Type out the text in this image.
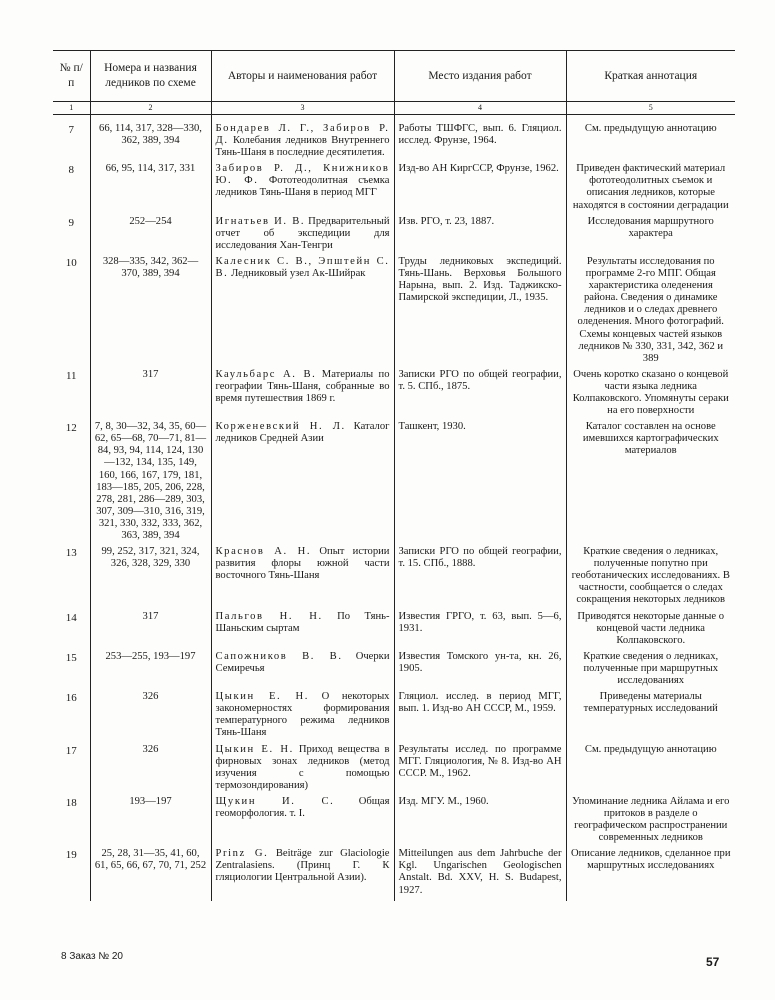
№ п/п	Номера и названия ледников по схеме	Авторы и наименования работ	Место издания работ	Краткая аннотация
1	2	3	4	5

7	66, 114, 317, 328—330, 362, 389, 394	Бондарев Л. Г., Забиров Р. Д. Колебания ледников Внутреннего Тянь-Шаня в последние десятилетия.	Работы ТШФГС, вып. 6. Гляциол. исслед. Фрунзе, 1964.	См. предыдущую аннотацию
8	66, 95, 114, 317, 331	Забиров Р. Д., Книжников Ю. Ф. Фототеодолитная съемка ледников Тянь-Шаня в период МГГ	Изд-во АН КиргССР, Фрунзе, 1962.	Приведен фактический материал фототеодолитных съемок и описания ледников, которые находятся в состоянии деградации
9	252—254	Игнатьев И. В. Предварительный отчет об экспедиции для исследования Хан-Тенгри	Изв. РГО, т. 23, 1887.	Исследования маршрутного характера
10	328—335, 342, 362—370, 389, 394	Калесник С. В., Эпштейн С. В. Ледниковый узел Ак-Шийрак	Труды ледниковых экспедиций. Тянь-Шань. Верховья Большого Нарына, вып. 2. Изд. Таджикско-Памирской экспедиции, Л., 1935.	Результаты исследования по программе 2-го МПГ. Общая характеристика оледенения района. Сведения о динамике ледников и о следах древнего оледенения. Много фотографий. Схемы концевых частей языков ледников № 330, 331, 342, 362 и 389
11	317	Каульбарс А. В. Материалы по географии Тянь-Шаня, собранные во время путешествия 1869 г.	Записки РГО по общей географии, т. 5. СПб., 1875.	Очень коротко сказано о концевой части языка ледника Колпаковского. Упомянуты сераки на его поверхности
12	7, 8, 30—32, 34, 35, 60—62, 65—68, 70—71, 81—84, 93, 94, 114, 124, 130—132, 134, 135, 149, 160, 166, 167, 179, 181, 183—185, 205, 206, 228, 278, 281, 286—289, 303, 307, 309—310, 316, 319, 321, 330, 332, 333, 362, 363, 389, 394	Корженевский Н. Л. Каталог ледников Средней Азии	Ташкент, 1930.	Каталог составлен на основе имевшихся картографических материалов
13	99, 252, 317, 321, 324, 326, 328, 329, 330	Краснов А. Н. Опыт истории развития флоры южной части восточного Тянь-Шаня	Записки РГО по общей географии, т. 15. СПб., 1888.	Краткие сведения о ледниках, полученные попутно при геоботанических исследованиях. В частности, сообщается о следах сокращения некоторых ледников
14	317	Пальгов Н. Н. По Тянь-Шаньским сыртам	Известия ГРГО, т. 63, вып. 5—6, 1931.	Приводятся некоторые данные о концевой части ледника Колпаковского.
15	253—255, 193—197	Сапожников В. В. Очерки Семиречья	Известия Томского ун-та, кн. 26, 1905.	Краткие сведения о ледниках, полученные при маршрутных исследованиях
16	326	Цыкин Е. Н. О некоторых закономерностях формирования температурного режима ледников Тянь-Шаня	Гляциол. исслед. в период МГГ, вып. 1. Изд-во АН СССР, М., 1959.	Приведены материалы температурных исследований
17	326	Цыкин Е. Н. Приход вещества в фирновых зонах ледников (метод изучения с помощью термозондирования)	Результаты исслед. по программе МГГ. Гляциология, № 8. Изд-во АН СССР. М., 1962.	См. предыдущую аннотацию
18	193—197	Щукин И. С. Общая геоморфология. т. I.	Изд. МГУ. М., 1960.	Упоминание ледника Айлама и его притоков в разделе о географическом распространении современных ледников
19	25, 28, 31—35, 41, 60, 61, 65, 66, 67, 70, 71, 252	Prinz G. Beiträge zur Glaciologie Zentralasiens. (Принц Г. К гляциологии Центральной Азии).	Mitteilungen aus dem Jahrbuche der Kgl. Ungarischen Geologischen Anstalt. Bd. XXV, H. S. Budapest, 1927.	Описание ледников, сделанное при маршрутных исследованиях
8 Заказ № 20	57
